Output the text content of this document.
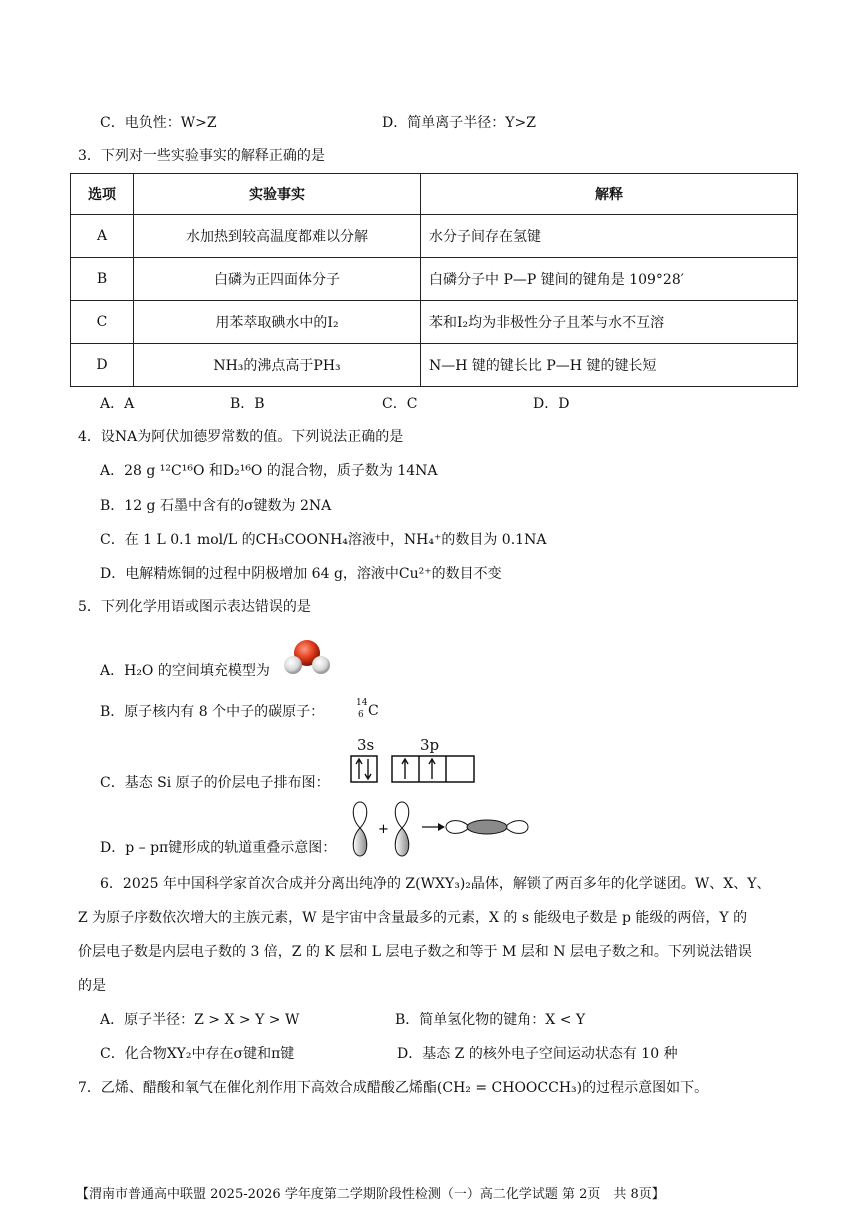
C．电负性：W>Z	D．简单离子半径：Y>Z
3．下列对一些实验事实的解释正确的是
选项	实验事实	解释
A	水加热到较高温度都难以分解	水分子间存在氢键
B	白磷为正四面体分子	白磷分子中 P—P 键间的键角是 109°28′
C	用苯萃取碘水中的I₂	苯和I₂均为非极性分子且苯与水不互溶
D	NH₃的沸点高于PH₃	N—H 键的键长比 P—H 键的键长短
A．A	B．B	C．C	D．D
4．设NA为阿伏加德罗常数的值。下列说法正确的是
A．28 g ¹²C¹⁶O 和D₂¹⁶O 的混合物，质子数为 14NA
B．12 g 石墨中含有的σ键数为 2NA
C．在 1 L 0.1 mol/L 的CH₃COONH₄溶液中，NH₄⁺的数目为 0.1NA
D．电解精炼铜的过程中阴极增加 64 g，溶液中Cu²⁺的数目不变
5．下列化学用语或图示表达错误的是
A．H₂O 的空间填充模型为
B．原子核内有 8 个中子的碳原子：
14
6 C
C．基态 Si 原子的价层电子排布图：
3s	3p
D．p – pπ键形成的轨道重叠示意图：
+
6．2025 年中国科学家首次合成并分离出纯净的 Z(WXY₃)₂晶体，解锁了两百多年的化学谜团。W、X、Y、
Z 为原子序数依次增大的主族元素，W 是宇宙中含量最多的元素，X 的 s 能级电子数是 p 能级的两倍，Y 的
价层电子数是内层电子数的 3 倍，Z 的 K 层和 L 层电子数之和等于 M 层和 N 层电子数之和。下列说法错误
的是
A．原子半径：Z > X > Y > W	B．简单氢化物的键角：X < Y
C．化合物XY₂中存在σ键和π键	D．基态 Z 的核外电子空间运动状态有 10 种
7．乙烯、醋酸和氧气在催化剂作用下高效合成醋酸乙烯酯(CH₂ = CHOOCCH₃)的过程示意图如下。
【渭南市普通高中联盟 2025-2026 学年度第二学期阶段性检测（一）高二化学试题 第 2页　共 8页】
